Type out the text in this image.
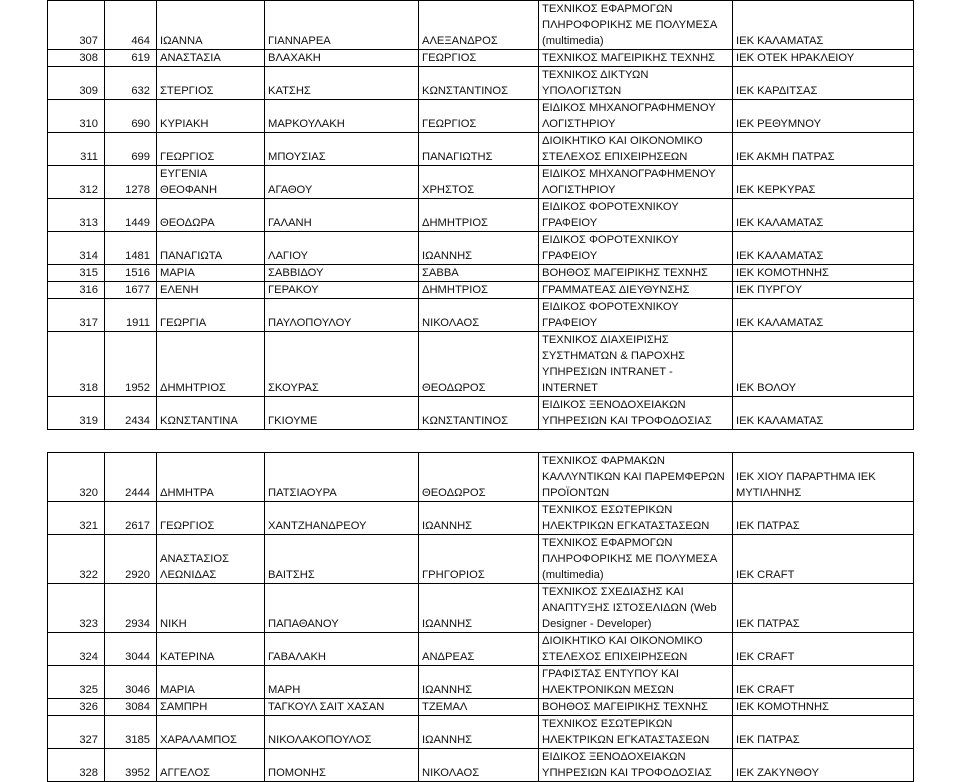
307	464	ΙΩΑΝΝΑ	ΓΙΑΝΝΑΡΕΑ	ΑΛΕΞΑΝΔΡΟΣ	ΤΕΧΝΙΚΟΣ ΕΦΑΡΜΟΓΩΝ ΠΛΗΡΟΦΟΡΙΚΗΣ ΜΕ ΠΟΛΥΜΕΣΑ (multimedia)	ΙΕΚ ΚΑΛΑΜΑΤΑΣ
308	619	ΑΝΑΣΤΑΣΙΑ	ΒΛΑΧΑΚΗ	ΓΕΩΡΓΙΟΣ	ΤΕΧΝΙΚΟΣ ΜΑΓΕΙΡΙΚΗΣ ΤΕΧΝΗΣ	ΙΕΚ ΟΤΕΚ ΗΡΑΚΛΕΙΟΥ
309	632	ΣΤΕΡΓΙΟΣ	ΚΑΤΣΗΣ	ΚΩΝΣΤΑΝΤΙΝΟΣ	ΤΕΧΝΙΚΟΣ ΔΙΚΤΥΩΝ ΥΠΟΛΟΓΙΣΤΩΝ	ΙΕΚ ΚΑΡΔΙΤΣΑΣ
310	690	ΚΥΡΙΑΚΗ	ΜΑΡΚΟΥΛΑΚΗ	ΓΕΩΡΓΙΟΣ	ΕΙΔΙΚΟΣ ΜΗΧΑΝΟΓΡΑΦΗΜΕΝΟΥ ΛΟΓΙΣΤΗΡΙΟΥ	ΙΕΚ ΡΕΘΥΜΝΟΥ
311	699	ΓΕΩΡΓΙΟΣ	ΜΠΟΥΣΙΑΣ	ΠΑΝΑΓΙΩΤΗΣ	ΔΙΟΙΚΗΤΙΚΟ ΚΑΙ ΟΙΚΟΝΟΜΙΚΟ ΣΤΕΛΕΧΟΣ ΕΠΙΧΕΙΡΗΣΕΩΝ	ΙΕΚ ΑΚΜΗ ΠΑΤΡΑΣ
312	1278	ΕΥΓΕΝΙΑ ΘΕΟΦΑΝΗ	ΑΓΑΘΟΥ	ΧΡΗΣΤΟΣ	ΕΙΔΙΚΟΣ ΜΗΧΑΝΟΓΡΑΦΗΜΕΝΟΥ ΛΟΓΙΣΤΗΡΙΟΥ	ΙΕΚ ΚΕΡΚΥΡΑΣ
313	1449	ΘΕΟΔΩΡΑ	ΓΑΛΑΝΗ	ΔΗΜΗΤΡΙΟΣ	ΕΙΔΙΚΟΣ ΦΟΡΟΤΕΧΝΙΚΟΥ ΓΡΑΦΕΙΟΥ	ΙΕΚ ΚΑΛΑΜΑΤΑΣ
314	1481	ΠΑΝΑΓΙΩΤΑ	ΛΑΓΙΟΥ	ΙΩΑΝΝΗΣ	ΕΙΔΙΚΟΣ ΦΟΡΟΤΕΧΝΙΚΟΥ ΓΡΑΦΕΙΟΥ	ΙΕΚ ΚΑΛΑΜΑΤΑΣ
315	1516	ΜΑΡΙΑ	ΣΑΒΒΙΔΟΥ	ΣΑΒΒΑ	ΒΟΗΘΟΣ ΜΑΓΕΙΡΙΚΗΣ ΤΕΧΝΗΣ	ΙΕΚ ΚΟΜΟΤΗΝΗΣ
316	1677	ΕΛΕΝΗ	ΓΕΡΑΚΟΥ	ΔΗΜΗΤΡΙΟΣ	ΓΡΑΜΜΑΤΕΑΣ ΔΙΕΥΘΥΝΣΗΣ	ΙΕΚ ΠΥΡΓΟΥ
317	1911	ΓΕΩΡΓΙΑ	ΠΑΥΛΟΠΟΥΛΟΥ	ΝΙΚΟΛΑΟΣ	ΕΙΔΙΚΟΣ ΦΟΡΟΤΕΧΝΙΚΟΥ ΓΡΑΦΕΙΟΥ	ΙΕΚ ΚΑΛΑΜΑΤΑΣ
318	1952	ΔΗΜΗΤΡΙΟΣ	ΣΚΟΥΡΑΣ	ΘΕΟΔΩΡΟΣ	ΤΕΧΝΙΚΟΣ ΔΙΑΧΕΙΡΙΣΗΣ ΣΥΣΤΗΜΑΤΩΝ & ΠΑΡΟΧΗΣ ΥΠΗΡΕΣΙΩΝ INTRANET - INTERNET	ΙΕΚ ΒΟΛΟΥ
319	2434	ΚΩΝΣΤΑΝΤΙΝΑ	ΓΚΙΟΥΜΕ	ΚΩΝΣΤΑΝΤΙΝΟΣ	ΕΙΔΙΚΟΣ ΞΕΝΟΔΟΧΕΙΑΚΩΝ ΥΠΗΡΕΣΙΩΝ ΚΑΙ ΤΡΟΦΟΔΟΣΙΑΣ	ΙΕΚ ΚΑΛΑΜΑΤΑΣ

320	2444	ΔΗΜΗΤΡΑ	ΠΑΤΣΙΑΟΥΡΑ	ΘΕΟΔΩΡΟΣ	ΤΕΧΝΙΚΟΣ ΦΑΡΜΑΚΩΝ ΚΑΛΛΥΝΤΙΚΩΝ ΚΑΙ ΠΑΡΕΜΦΕΡΩΝ ΠΡΟΪΟΝΤΩΝ	ΙΕΚ ΧΙΟΥ ΠΑΡΑΡΤΗΜΑ ΙΕΚ ΜΥΤΙΛΗΝΗΣ
321	2617	ΓΕΩΡΓΙΟΣ	ΧΑΝΤΖΗΑΝΔΡΕΟΥ	ΙΩΑΝΝΗΣ	ΤΕΧΝΙΚΟΣ ΕΣΩΤΕΡΙΚΩΝ ΗΛΕΚΤΡΙΚΩΝ ΕΓΚΑΤΑΣΤΑΣΕΩΝ	ΙΕΚ ΠΑΤΡΑΣ
322	2920	ΑΝΑΣΤΑΣΙΟΣ ΛΕΩΝΙΔΑΣ	ΒΑΙΤΣΗΣ	ΓΡΗΓΟΡΙΟΣ	ΤΕΧΝΙΚΟΣ ΕΦΑΡΜΟΓΩΝ ΠΛΗΡΟΦΟΡΙΚΗΣ ΜΕ ΠΟΛΥΜΕΣΑ (multimedia)	ΙΕΚ CRAFT
323	2934	ΝΙΚΗ	ΠΑΠΑΘΑΝΟΥ	ΙΩΑΝΝΗΣ	ΤΕΧΝΙΚΟΣ ΣΧΕΔΙΑΣΗΣ ΚΑΙ ΑΝΑΠΤΥΞΗΣ ΙΣΤΟΣΕΛΙΔΩΝ (Web Designer - Developer)	ΙΕΚ ΠΑΤΡΑΣ
324	3044	ΚΑΤΕΡΙΝΑ	ΓΑΒΑΛΑΚΗ	ΑΝΔΡΕΑΣ	ΔΙΟΙΚΗΤΙΚΟ ΚΑΙ ΟΙΚΟΝΟΜΙΚΟ ΣΤΕΛΕΧΟΣ ΕΠΙΧΕΙΡΗΣΕΩΝ	ΙΕΚ CRAFT
325	3046	ΜΑΡΙΑ	ΜΑΡΗ	ΙΩΑΝΝΗΣ	ΓΡΑΦΙΣΤΑΣ ΕΝΤΥΠΟΥ ΚΑΙ ΗΛΕΚΤΡΟΝΙΚΩΝ ΜΕΣΩΝ	ΙΕΚ CRAFT
326	3084	ΣΑΜΠΡΗ	ΤΑΓΚΟΥΛ ΣΑΙΤ ΧΑΣΑΝ	ΤΖΕΜΑΛ	ΒΟΗΘΟΣ ΜΑΓΕΙΡΙΚΗΣ ΤΕΧΝΗΣ	ΙΕΚ ΚΟΜΟΤΗΝΗΣ
327	3185	ΧΑΡΑΛΑΜΠΟΣ	ΝΙΚΟΛΑΚΟΠΟΥΛΟΣ	ΙΩΑΝΝΗΣ	ΤΕΧΝΙΚΟΣ ΕΣΩΤΕΡΙΚΩΝ ΗΛΕΚΤΡΙΚΩΝ ΕΓΚΑΤΑΣΤΑΣΕΩΝ	ΙΕΚ ΠΑΤΡΑΣ
328	3952	ΑΓΓΕΛΟΣ	ΠΟΜΟΝΗΣ	ΝΙΚΟΛΑΟΣ	ΕΙΔΙΚΟΣ ΞΕΝΟΔΟΧΕΙΑΚΩΝ ΥΠΗΡΕΣΙΩΝ ΚΑΙ ΤΡΟΦΟΔΟΣΙΑΣ	ΙΕΚ ΖΑΚΥΝΘΟΥ
